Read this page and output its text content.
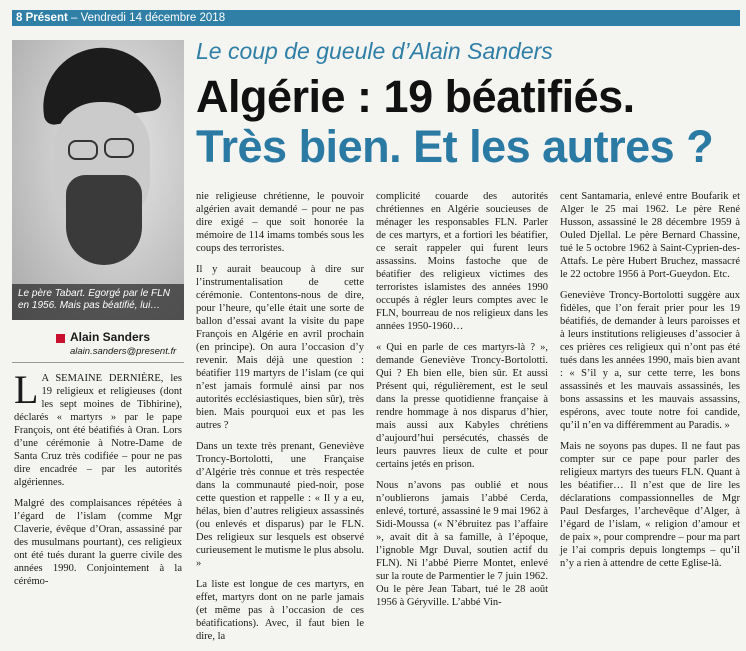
8 Présent – Vendredi 14 décembre 2018
Le coup de gueule d’Alain Sanders
Algérie : 19 béatifiés.
Très bien. Et les autres ?
Le père Tabart. Egorgé par le FLN en 1956. Mais pas béatifié, lui…
Alain Sanders
alain.sanders@present.fr

L A SEMAINE DERNIÈRE, les 19 religieux et religieuses (dont les sept moines de Tibhirine), déclarés « martyrs » par le pape François, ont été béatifiés à Oran. Lors d’une cérémonie à Notre-Dame de Santa Cruz très codifiée – pour ne pas dire encadrée – par les autorités algériennes.

Malgré des complaisances répétées à l’égard de l’islam (comme Mgr Claverie, évêque d’Oran, assassiné par des musulmans pourtant), ces religieux ont été tués durant la guerre civile des années 1990. Conjointement à la cérémo-

nie religieuse chrétienne, le pouvoir algérien avait demandé – pour ne pas dire exigé – que soit honorée la mémoire de 114 imams tombés sous les coups des terroristes.

Il y aurait beaucoup à dire sur l’instrumentalisation de cette cérémonie. Contentons-nous de dire, pour l’heure, qu’elle était une sorte de ballon d’essai avant la visite du pape François en Algérie en avril prochain (en principe). On aura l’occasion d’y revenir. Mais déjà une question : béatifier 119 martyrs de l’islam (ce qui n’est jamais formulé ainsi par nos autorités ecclésiastiques, bien sûr), très bien. Mais pourquoi eux et pas les autres ?

Dans un texte très prenant, Geneviève Troncy-Bortolotti, une Française d’Algérie très connue et très respectée dans la communauté pied-noir, pose cette question et rappelle : « Il y a eu, hélas, bien d’autres religieux assassinés (ou enlevés et disparus) par le FLN. Des religieux sur lesquels est observé curieusement le mutisme le plus absolu. »

La liste est longue de ces martyrs, en effet, martyrs dont on ne parle jamais (et même pas à l’occasion de ces béatifications). Avec, il faut bien le dire, la

complicité couarde des autorités chrétiennes en Algérie soucieuses de ménager les responsables FLN. Parler de ces martyrs, et a fortiori les béatifier, ce serait rappeler qui furent leurs assassins. Moins fastoche que de béatifier des religieux victimes des terroristes islamistes des années 1990 occupés à régler leurs comptes avec le FLN, bourreau de nos religieux dans les années 1950-1960…

« Qui en parle de ces martyrs-là ? », demande Geneviève Troncy-Bortolotti. Qui ? Eh bien elle, bien sûr. Et aussi Présent qui, régulièrement, est le seul dans la presse quotidienne française à rendre hommage à nos disparus d’hier, mais aussi aux Kabyles chrétiens d’aujourd’hui persécutés, chassés de leurs pauvres lieux de culte et pour certains jetés en prison.

Nous n’avons pas oublié et nous n’oublierons jamais l’abbé Cerda, enlevé, torturé, assassiné le 9 mai 1962 à Sidi-Moussa (« N’ébruitez pas l’affaire », avait dit à sa famille, à l’époque, l’ignoble Mgr Duval, soutien actif du FLN). Ni l’abbé Pierre Montet, enlevé sur la route de Parmentier le 7 juin 1962. Ou le père Jean Tabart, tué le 28 août 1956 à Géryville. L’abbé Vin-

cent Santamaria, enlevé entre Boufarik et Alger le 25 mai 1962. Le père René Husson, assassiné le 28 décembre 1959 à Ouled Djellal. Le père Bernard Chassine, tué le 5 octobre 1962 à Saint-Cyprien-des-Attafs. Le père Hubert Bruchez, massacré le 22 octobre 1956 à Port-Gueydon. Etc.

Geneviève Troncy-Bortolotti suggère aux fidèles, que l’on ferait prier pour les 19 béatifiés, de demander à leurs paroisses et à leurs institutions religieuses d’associer à ces prières ces religieux qui n’ont pas été tués dans les années 1990, mais bien avant : « S’il y a, sur cette terre, les bons assassinés et les mauvais assassinés, les bons assassins et les mauvais assassins, espérons, avec toute notre foi candide, qu’il n’en va différemment au Paradis. »

Mais ne soyons pas dupes. Il ne faut pas compter sur ce pape pour parler des religieux martyrs des tueurs FLN. Quant à les béatifier… Il n’est que de lire les déclarations compassionnelles de Mgr Paul Desfarges, l’archevêque d’Alger, à l’égard de l’islam, « religion d’amour et de paix », pour comprendre – pour ma part je l’ai compris depuis longtemps – qu’il n’y a rien à attendre de cette Eglise-là.
